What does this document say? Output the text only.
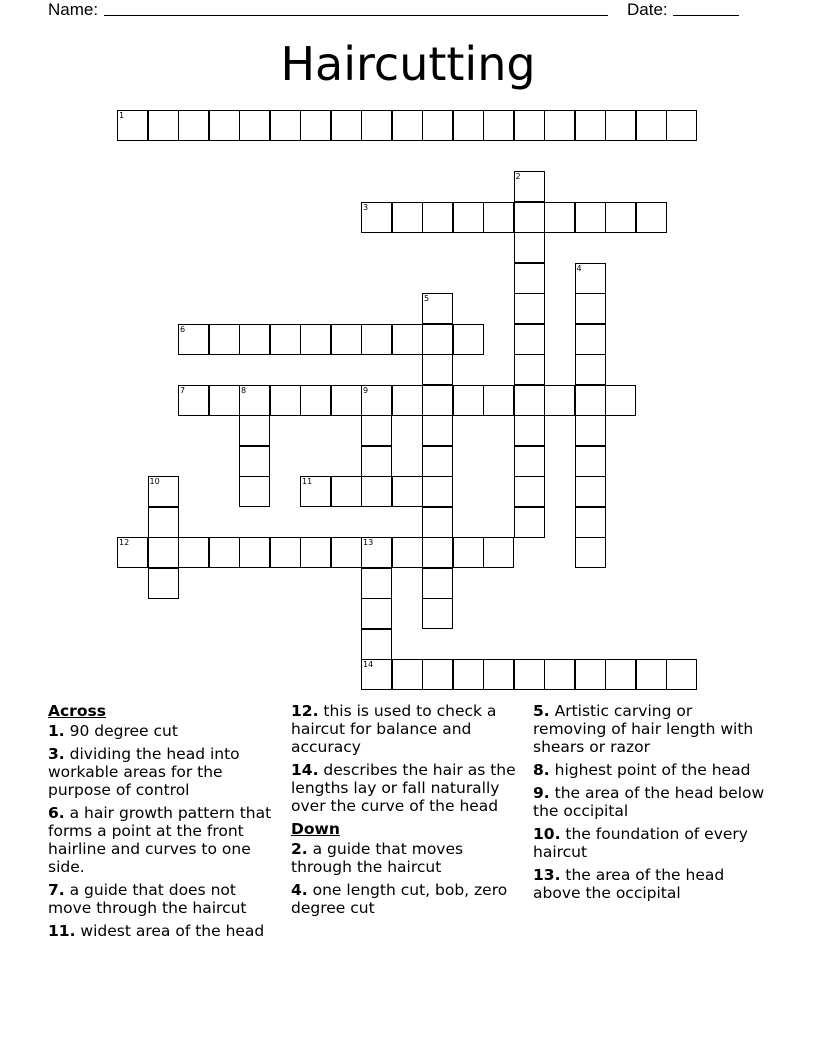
Name:	Date:
Haircutting
1
2
3
4
5
6
7	8	9
10	11
12	13
14
Across
1. 90 degree cut
3. dividing the head into workable areas for the purpose of control
6. a hair growth pattern that forms a point at the front hairline and curves to one side.
7. a guide that does not move through the haircut
11. widest area of the head
12. this is used to check a haircut for balance and accuracy
14. describes the hair as the lengths lay or fall naturally over the curve of the head
Down
2. a guide that moves through the haircut
4. one length cut, bob, zero degree cut
5. Artistic carving or removing of hair length with shears or razor
8. highest point of the head
9. the area of the head below the occipital
10. the foundation of every haircut
13. the area of the head above the occipital
